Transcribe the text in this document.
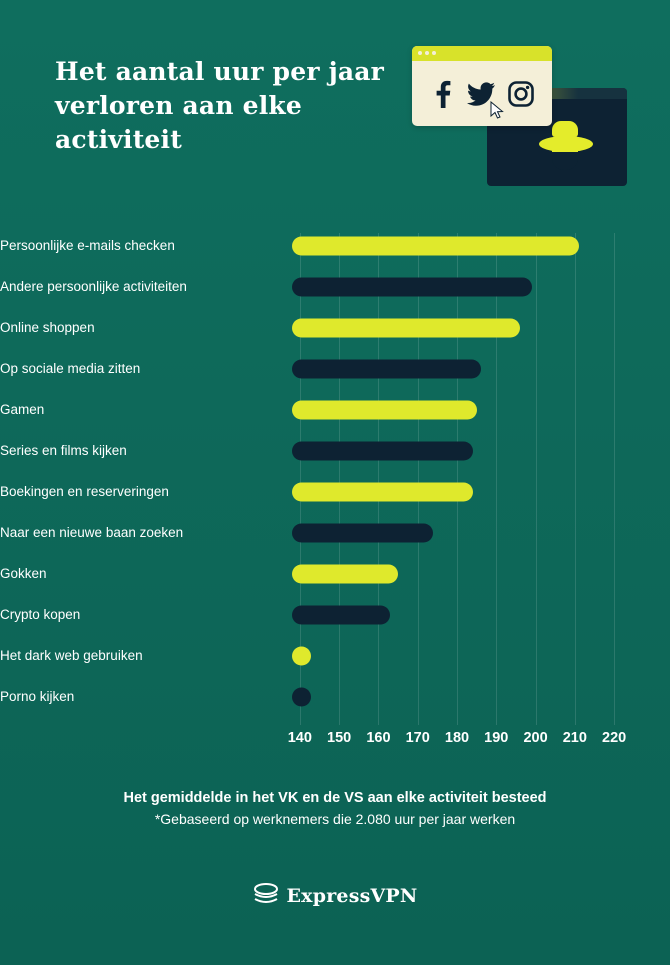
Het aantal uur per jaar verloren aan elke activiteit
Persoonlijke e-mails checken
Andere persoonlijke activiteiten
Online shoppen
Op sociale media zitten
Gamen
Series en films kijken
Boekingen en reserveringen
Naar een nieuwe baan zoeken
Gokken
Crypto kopen
Het dark web gebruiken
Porno kijken
140 150 160 170 180 190 200 210 220

Het gemiddelde in het VK en de VS aan elke activiteit besteed

*Gebaseerd op werknemers die 2.080 uur per jaar werken

ExpressVPN
